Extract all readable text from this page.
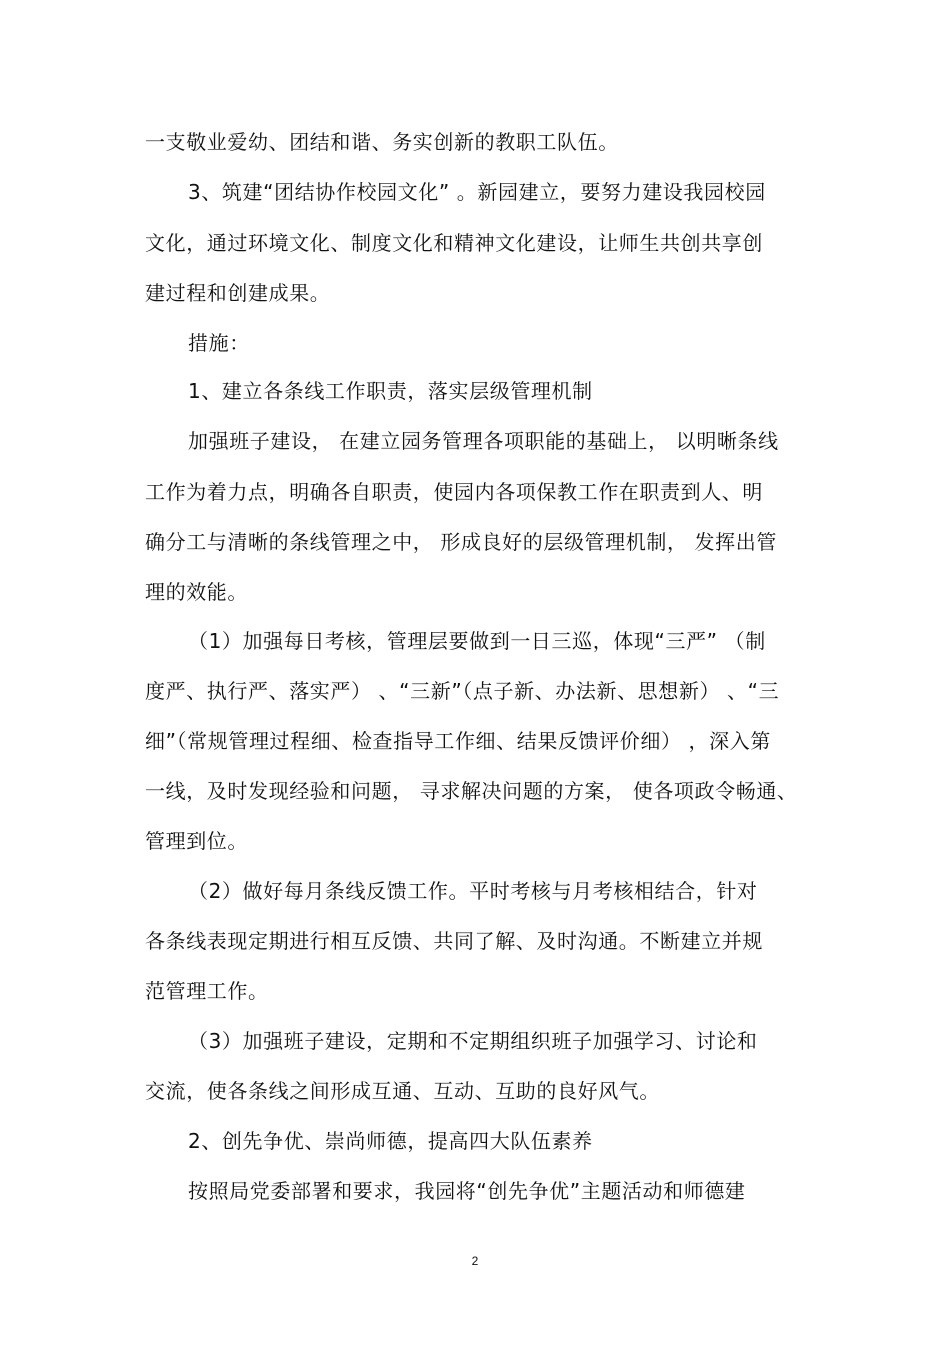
一支敬业爱幼、团结和谐、务实创新的教职工队伍。
3、筑建“团结协作校园文化” 。新园建立，要努力建设我园校园
文化，通过环境文化、制度文化和精神文化建设，让师生共创共享创
建过程和创建成果。
措施：
1、建立各条线工作职责，落实层级管理机制
加强班子建设， 在建立园务管理各项职能的基础上， 以明晰条线
工作为着力点，明确各自职责，使园内各项保教工作在职责到人、明
确分工与清晰的条线管理之中， 形成良好的层级管理机制， 发挥出管
理的效能。
（1）加强每日考核，管理层要做到一日三巡，体现“三严” （制
度严、执行严、落实严） 、“三新”（点子新、办法新、思想新） 、“三
细”（常规管理过程细、检查指导工作细、结果反馈评价细） ，深入第
一线，及时发现经验和问题， 寻求解决问题的方案， 使各项政令畅通、
管理到位。
（2）做好每月条线反馈工作。平时考核与月考核相结合，针对
各条线表现定期进行相互反馈、共同了解、及时沟通。不断建立并规
范管理工作。
（3）加强班子建设，定期和不定期组织班子加强学习、讨论和
交流，使各条线之间形成互通、互动、互助的良好风气。
2、创先争优、崇尚师德，提高四大队伍素养
按照局党委部署和要求，我园将“创先争优”主题活动和师德建
2
